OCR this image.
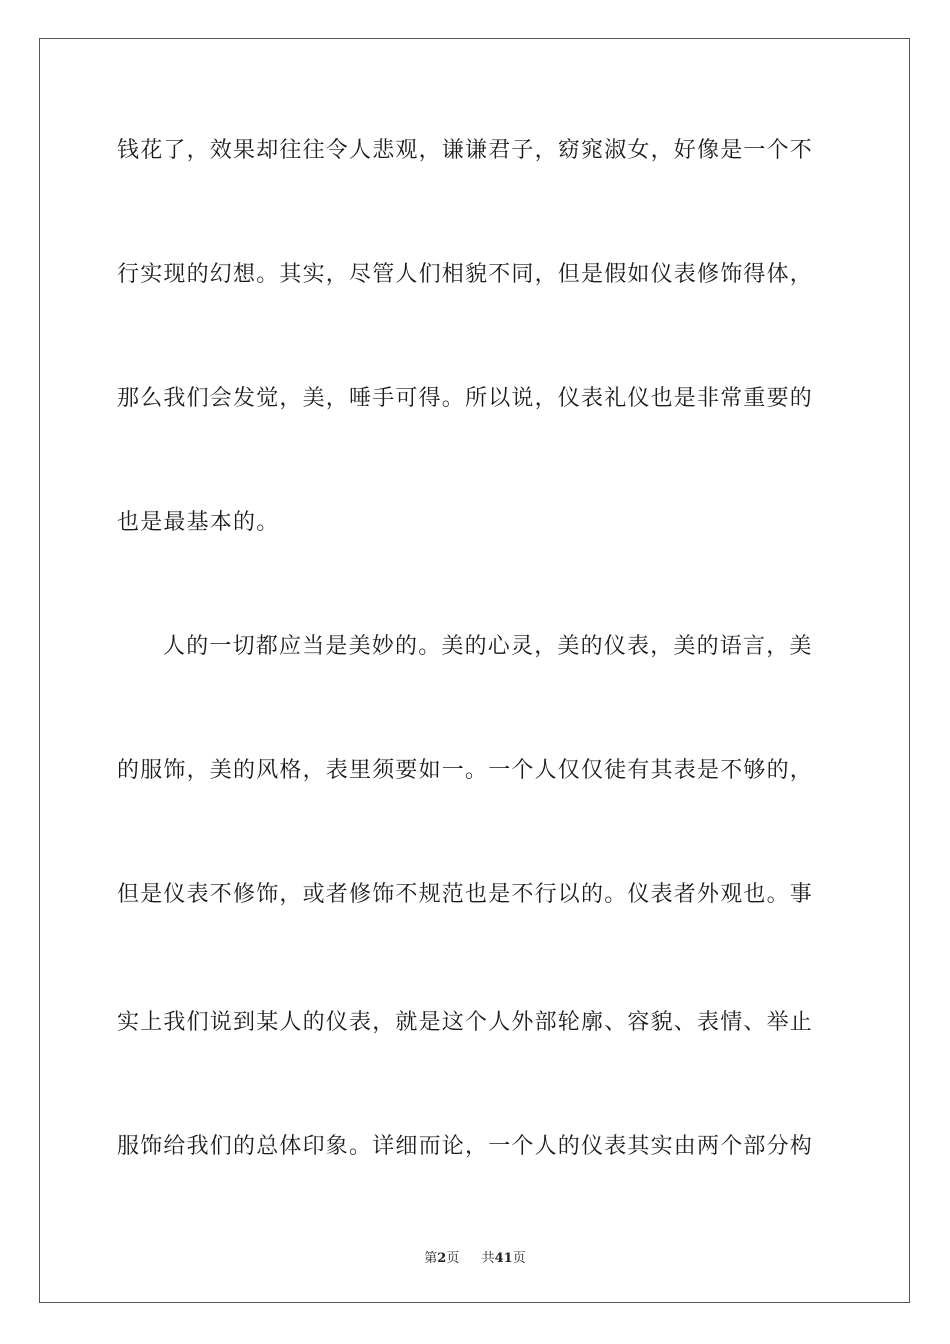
钱花了，效果却往往令人悲观，谦谦君子，窈窕淑女，好像是一个不
行实现的幻想。其实，尽管人们相貌不同，但是假如仪表修饰得体，
那么我们会发觉，美，唾手可得。所以说，仪表礼仪也是非常重要的
也是最基本的。
人的一切都应当是美妙的。美的心灵，美的仪表，美的语言，美
的服饰，美的风格，表里须要如一。一个人仅仅徒有其表是不够的，
但是仪表不修饰，或者修饰不规范也是不行以的。仪表者外观也。事
实上我们说到某人的仪表，就是这个人外部轮廓、容貌、表情、举止
服饰给我们的总体印象。详细而论，一个人的仪表其实由两个部分构
第2页 共41页
